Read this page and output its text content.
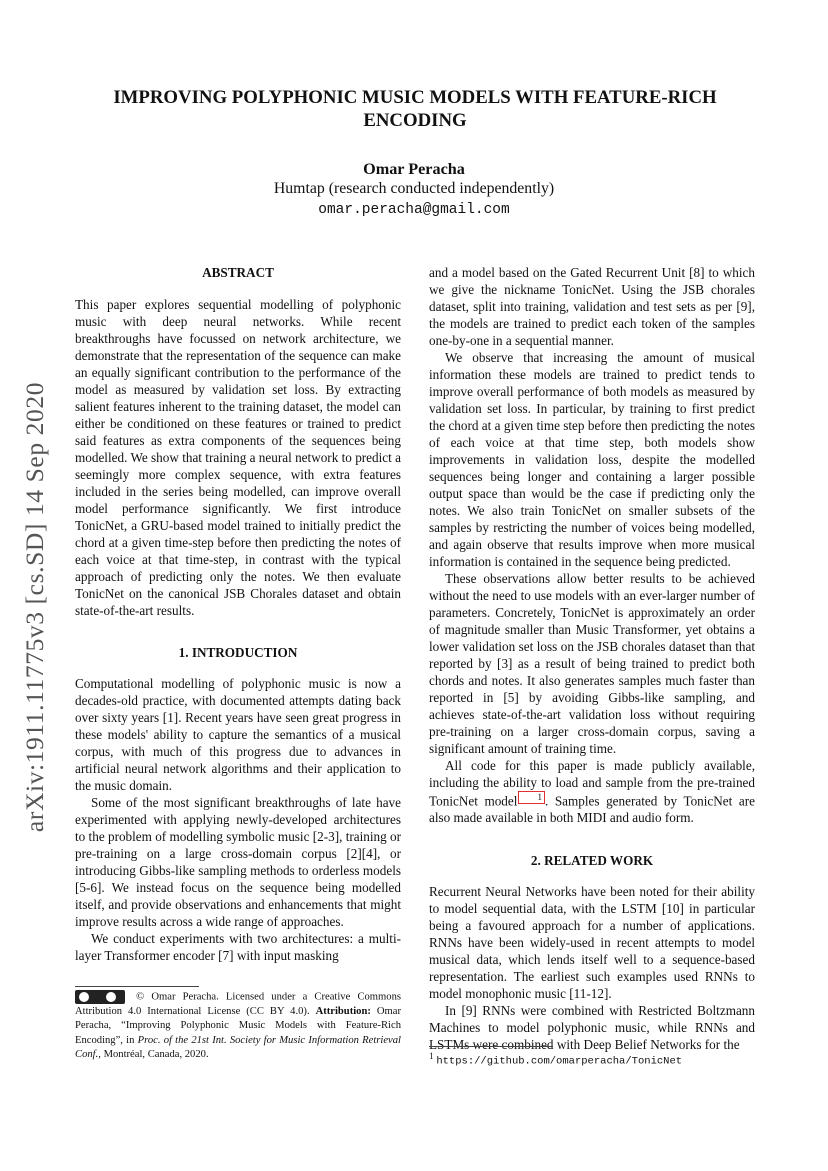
arXiv:1911.11775v3 [cs.SD] 14 Sep 2020
IMPROVING POLYPHONIC MUSIC MODELS WITH FEATURE-RICH ENCODING
Omar Peracha
Humtap (research conducted independently)
omar.peracha@gmail.com

ABSTRACT

This paper explores sequential modelling of polyphonic music with deep neural networks. While recent breakthroughs have focussed on network architecture, we demonstrate that the representation of the sequence can make an equally significant contribution to the performance of the model as measured by validation set loss. By extracting salient features inherent to the training dataset, the model can either be conditioned on these features or trained to predict said features as extra components of the sequences being modelled. We show that training a neural network to predict a seemingly more complex sequence, with extra features included in the series being modelled, can improve overall model performance significantly. We first introduce TonicNet, a GRU-based model trained to initially predict the chord at a given time-step before then predicting the notes of each voice at that time-step, in contrast with the typical approach of predicting only the notes. We then evaluate TonicNet on the canonical JSB Chorales dataset and obtain state-of-the-art results.

1. INTRODUCTION

Computational modelling of polyphonic music is now a decades-old practice, with documented attempts dating back over sixty years [1]. Recent years have seen great progress in these models' ability to capture the semantics of a musical corpus, with much of this progress due to advances in artificial neural network algorithms and their application to the music domain.

Some of the most significant breakthroughs of late have experimented with applying newly-developed architectures to the problem of modelling symbolic music [2-3], training or pre-training on a large cross-domain corpus [2][4], or introducing Gibbs-like sampling methods to orderless models [5-6]. We instead focus on the sequence being modelled itself, and provide observations and enhancements that might improve results across a wide range of approaches.

We conduct experiments with two architectures: a multi-layer Transformer encoder [7] with input masking

and a model based on the Gated Recurrent Unit [8] to which we give the nickname TonicNet. Using the JSB chorales dataset, split into training, validation and test sets as per [9], the models are trained to predict each token of the samples one-by-one in a sequential manner.

We observe that increasing the amount of musical information these models are trained to predict tends to improve overall performance of both models as measured by validation set loss. In particular, by training to first predict the chord at a given time step before then predicting the notes of each voice at that time step, both models show improvements in validation loss, despite the modelled sequences being longer and containing a larger possible output space than would be the case if predicting only the notes. We also train TonicNet on smaller subsets of the samples by restricting the number of voices being modelled, and again observe that results improve when more musical information is contained in the sequence being predicted.

These observations allow better results to be achieved without the need to use models with an ever-larger number of parameters. Concretely, TonicNet is approximately an order of magnitude smaller than Music Transformer, yet obtains a lower validation set loss on the JSB chorales dataset than that reported by [3] as a result of being trained to predict both chords and notes. It also generates samples much faster than reported in [5] by avoiding Gibbs-like sampling, and achieves state-of-the-art validation loss without requiring pre-training on a larger cross-domain corpus, saving a significant amount of training time.

All code for this paper is made publicly available, including the ability to load and sample from the pre-trained TonicNet model 1 . Samples generated by TonicNet are also made available in both MIDI and audio form.

2. RELATED WORK

Recurrent Neural Networks have been noted for their ability to model sequential data, with the LSTM [10] in particular being a favoured approach for a number of applications. RNNs have been widely-used in recent attempts to model musical data, which lends itself well to a sequence-based representation. The earliest such examples used RNNs to model monophonic music [11-12].

In [9] RNNs were combined with Restricted Boltzmann Machines to model polyphonic music, while RNNs and LSTMs were combined with Deep Belief Networks for the

© Omar Peracha. Licensed under a Creative Commons Attribution 4.0 International License (CC BY 4.0). Attribution: Omar Peracha, “Improving Polyphonic Music Models with Feature-Rich Encoding”, in Proc. of the 21st Int. Society for Music Information Retrieval Conf., Montréal, Canada, 2020.	$^1$ https://github.com/omarperacha/TonicNet
